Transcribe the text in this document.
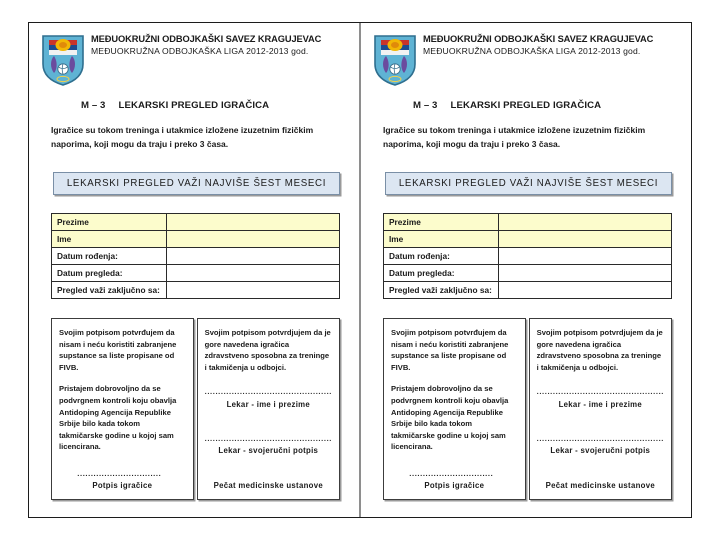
MEĐUOKRUŽNI ODBOJKAŠKI SAVEZ KRAGUJEVAC
MEĐUOKRUŽNA ODBOJKAŠKA LIGA 2012-2013 god.
M – 3 LEKARSKI PREGLED IGRAČICA
Igračice su tokom treninga i utakmice izložene izuzetnim fizičkim naporima, koji mogu da traju i preko 3 časa.
LEKARSKI PREGLED VAŽI NAJVIŠE ŠEST MESECI
Prezime	
Ime	
Datum rođenja:	
Datum pregleda:	
Pregled važi zaključno sa:	

Svojim potpisom potvrđujem da nisam i neću koristiti zabranjene supstance sa liste propisane od FIVB.

Pristajem dobrovoljno da se podvrgnem kontroli koju obavlja Antidoping Agencija Republike Srbije bilo kada tokom takmičarske godine u kojoj sam licencirana.

...............................
Potpis igračice

Svojim potpisom potvrdjujem da je gore navedena igračica zdravstveno sposobna za treninge i takmičenja u odbojci.

...............................................
Lekar - ime i prezime
...............................................
Lekar - svojeručni potpis
Pečat medicinske ustanove
MEĐUOKRUŽNI ODBOJKAŠKI SAVEZ KRAGUJEVAC
MEĐUOKRUŽNA ODBOJKAŠKA LIGA 2012-2013 god.
M – 3 LEKARSKI PREGLED IGRAČICA
Igračice su tokom treninga i utakmice izložene izuzetnim fizičkim naporima, koji mogu da traju i preko 3 časa.
LEKARSKI PREGLED VAŽI NAJVIŠE ŠEST MESECI
Prezime	
Ime	
Datum rođenja:	
Datum pregleda:	
Pregled važi zaključno sa:	

Svojim potpisom potvrđujem da nisam i neću koristiti zabranjene supstance sa liste propisane od FIVB.

Pristajem dobrovoljno da se podvrgnem kontroli koju obavlja Antidoping Agencija Republike Srbije bilo kada tokom takmičarske godine u kojoj sam licencirana.

...............................
Potpis igračice

Svojim potpisom potvrdjujem da je gore navedena igračica zdravstveno sposobna za treninge i takmičenja u odbojci.

...............................................
Lekar - ime i prezime
...............................................
Lekar - svojeručni potpis
Pečat medicinske ustanove
